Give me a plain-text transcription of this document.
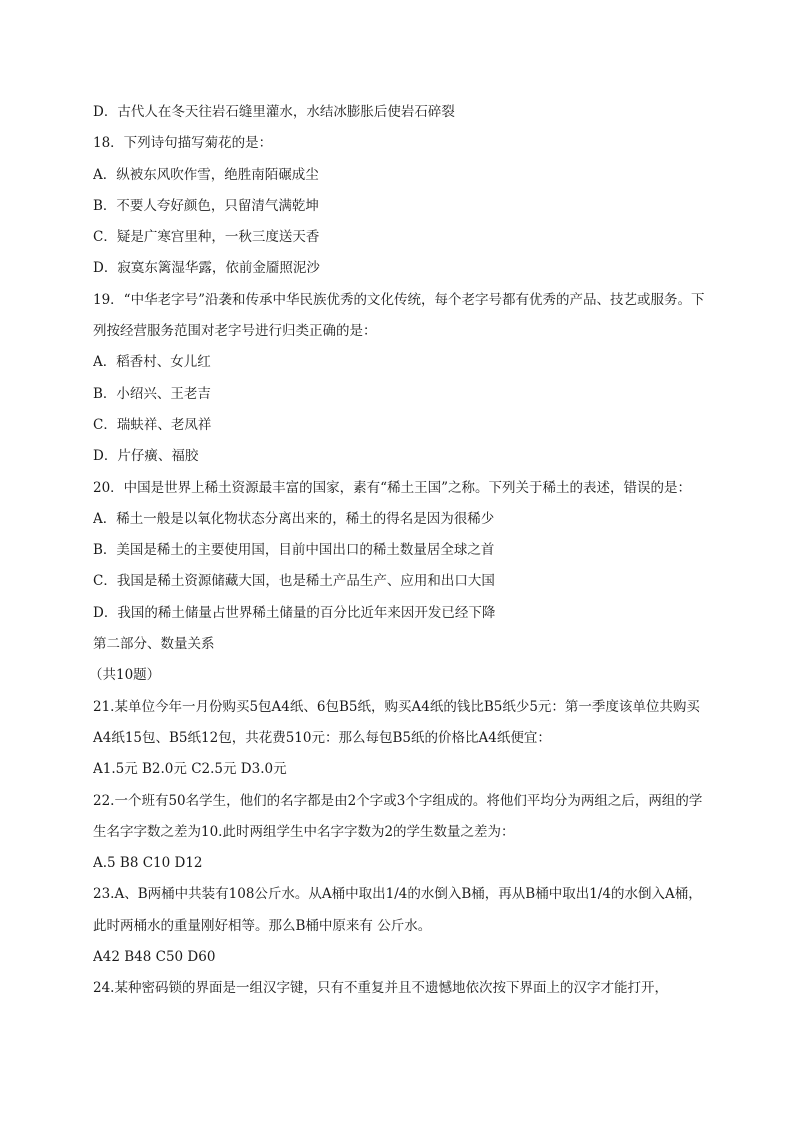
D．古代人在冬天往岩石缝里灌水，水结冰膨胀后使岩石碎裂
18．下列诗句描写菊花的是：
A．纵被东风吹作雪，绝胜南陌碾成尘
B．不要人夸好颜色，只留清气满乾坤
C．疑是广寒宫里种，一秋三度送天香
D．寂寞东篱湿华露，依前金靥照泥沙
19．“中华老字号”沿袭和传承中华民族优秀的文化传统，每个老字号都有优秀的产品、技艺或服务。下列按经营服务范围对老字号进行归类正确的是：
A．稻香村、女儿红
B．小绍兴、王老吉
C．瑞蚨祥、老凤祥
D．片仔癀、福胶
20．中国是世界上稀土资源最丰富的国家，素有“稀土王国”之称。下列关于稀土的表述，错误的是：
A．稀土一般是以氧化物状态分离出来的，稀土的得名是因为很稀少
B．美国是稀土的主要使用国，目前中国出口的稀土数量居全球之首
C．我国是稀土资源储藏大国，也是稀土产品生产、应用和出口大国
D．我国的稀土储量占世界稀土储量的百分比近年来因开发已经下降
第二部分、数量关系
（共10题）
21.某单位今年一月份购买5包A4纸、6包B5纸，购买A4纸的钱比B5纸少5元：第一季度该单位共购买A4纸15包、B5纸12包，共花费510元：那么每包B5纸的价格比A4纸便宜：
A1.5元 B2.0元 C2.5元 D3.0元
22.一个班有50名学生，他们的名字都是由2个字或3个字组成的。将他们平均分为两组之后，两组的学生名字字数之差为10.此时两组学生中名字字数为2的学生数量之差为：
A.5 B8 C10 D12
23.A、B两桶中共装有108公斤水。从A桶中取出1/4的水倒入B桶，再从B桶中取出1/4的水倒入A桶，此时两桶水的重量刚好相等。那么B桶中原来有 公斤水。
A42 B48 C50 D60
24.某种密码锁的界面是一组汉字键，只有不重复并且不遗憾地依次按下界面上的汉字才能打开，
